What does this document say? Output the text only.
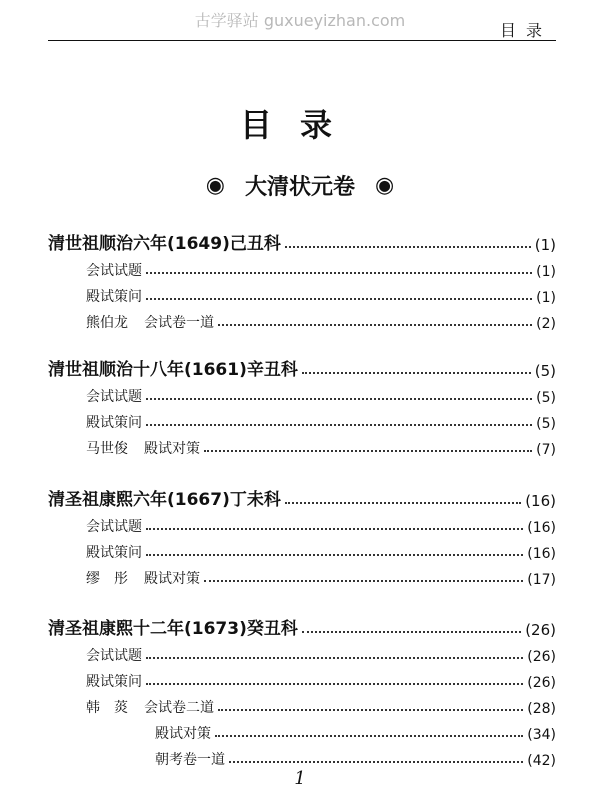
古学驿站 guxueyizhan.com
目录
目录
◉ 大清状元卷 ◉
清世祖顺治六年(1649)己丑科	(1)
会试试题	(1)
殿试策问	(1)
熊伯龙 会试卷一道	(2)
清世祖顺治十八年(1661)辛丑科	(5)
会试试题	(5)
殿试策问	(5)
马世俊 殿试对策	(7)
清圣祖康熙六年(1667)丁未科	(16)
会试试题	(16)
殿试策问	(16)
缪　彤 殿试对策	(17)
清圣祖康熙十二年(1673)癸丑科	(26)
会试试题	(26)
殿试策问	(26)
韩　菼 会试卷二道	(28)
殿试对策	(34)
朝考卷一道	(42)
1
